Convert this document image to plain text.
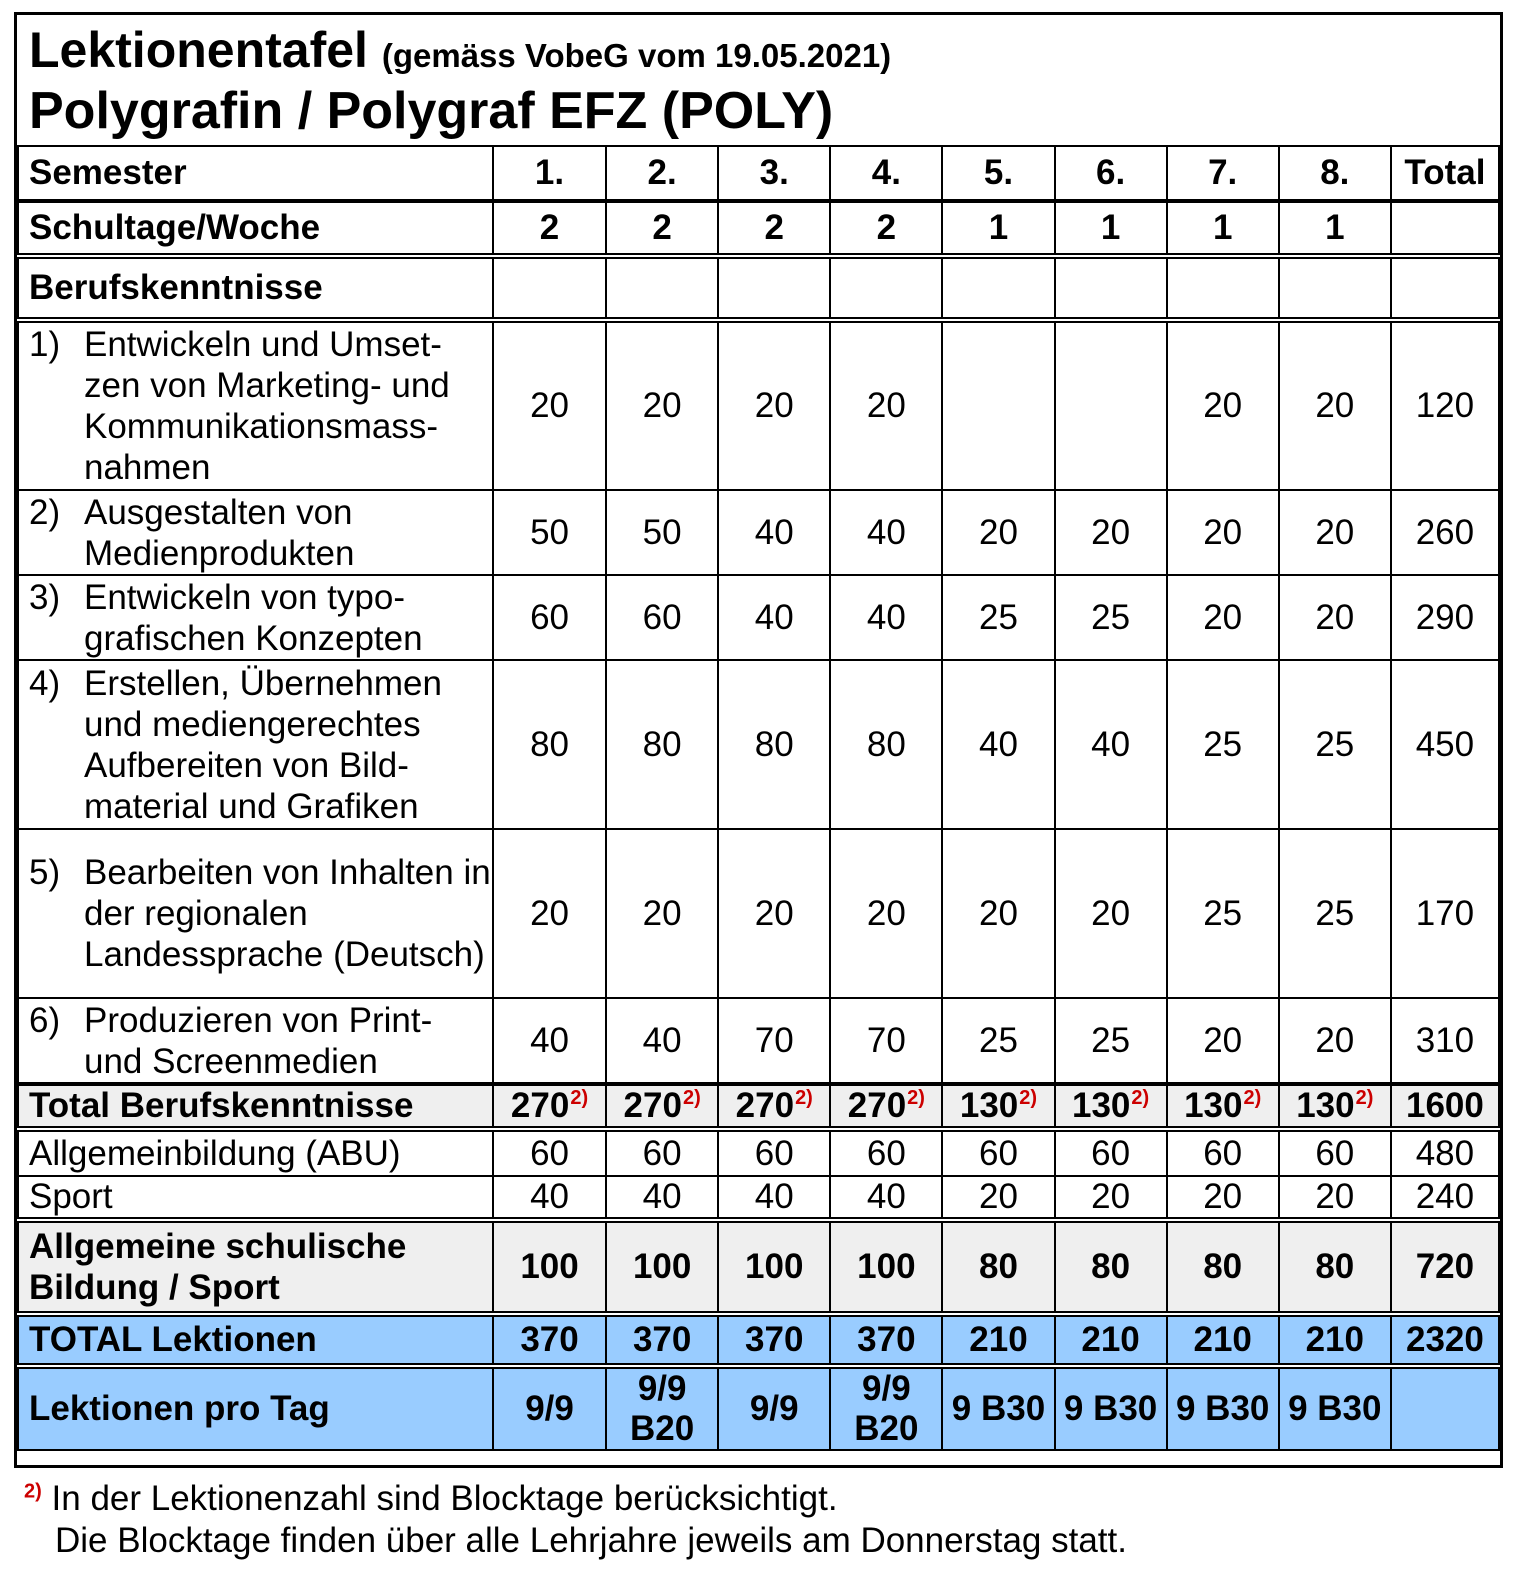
Lektionentafel (gemäss VobeG vom 19.05.2021)
Polygrafin / Polygraf EFZ (POLY)
Semester	1.	2.	3.	4.	5.	6.	7.	8.	Total
Schultage/Woche	2	2	2	2	1	1	1	1	
Berufskenntnisse									

1) Entwickeln und Umset-zen von Marketing- und Kommunikationsmass-nahmen	20	20	20	20			20	20	120

2) Ausgestalten von Medienprodukten	50	50	40	40	20	20	20	20	260

3) Entwickeln von typo-grafischen Konzepten	60	60	40	40	25	25	20	20	290

4) Erstellen, Übernehmen und mediengerechtes Aufbereiten von Bild-material und Grafiken	80	80	80	80	40	40	25	25	450

5) Bearbeiten von Inhalten in der regionalen Landessprache (Deutsch)	20	20	20	20	20	20	25	25	170

6) Produzieren von Print- und Screenmedien	40	40	70	70	25	25	20	20	310
Total Berufskenntnisse	270$^{2)}$	270$^{2)}$	270$^{2)}$	270$^{2)}$	130$^{2)}$	130$^{2)}$	130$^{2)}$	130$^{2)}$	1600
Allgemeinbildung (ABU)	60	60	60	60	60	60	60	60	480
Sport	40	40	40	40	20	20	20	20	240

Allgemeine schulische
Bildung / Sport	100	100	100	100	80	80	80	80	720
TOTAL Lektionen	370	370	370	370	210	210	210	210	2320
Lektionen pro Tag	9/9	9/9 B20	9/9	9/9 B20	9 B30	9 B30	9 B30	9 B30	
$^{2)}$ In der Lektionenzahl sind Blocktage berücksichtigt.
Die Blocktage finden über alle Lehrjahre jeweils am Donnerstag statt.
